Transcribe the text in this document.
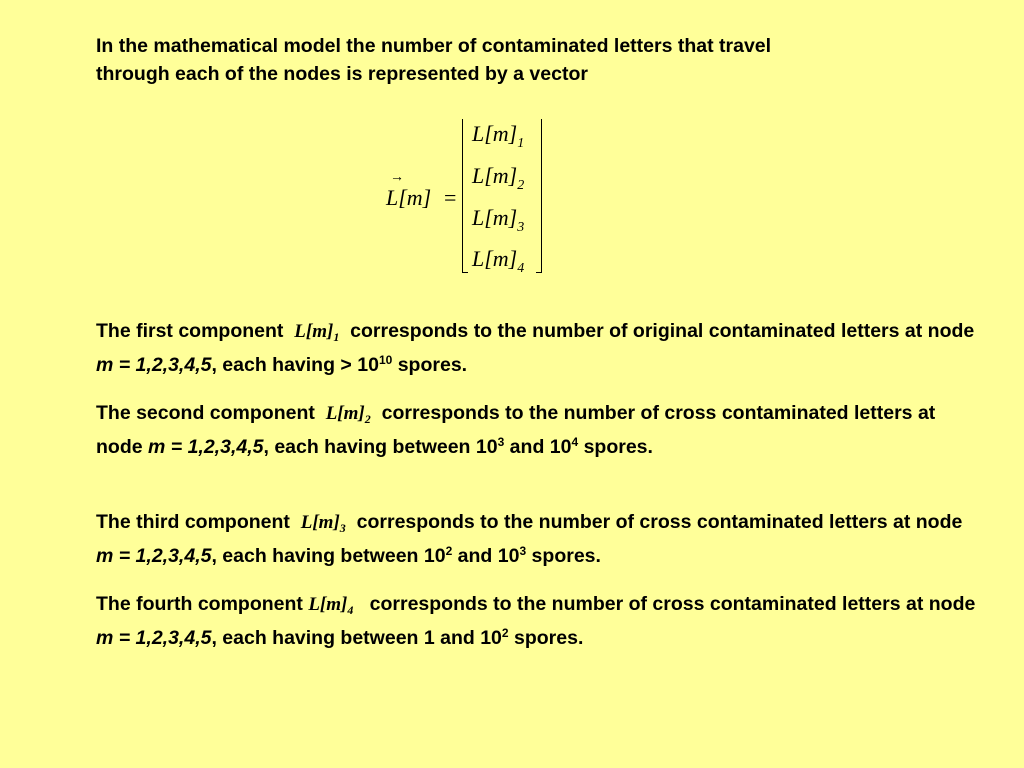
In the mathematical model the number of contaminated letters that travel
through each of the nodes is represented by a vector

→
L[m] =
$L[m]_1$
$L[m]_2$
$L[m]_3$
$L[m]_4$

The first component $L[m]_1$ corresponds to the number of original contaminated letters at node m = 1,2,3,4,5, each having > $10^{10}$ spores.

The second component $L[m]_2$ corresponds to the number of cross contaminated letters at node m = 1,2,3,4,5, each having between $10^3$ and $10^4$ spores.

The third component $L[m]_3$ corresponds to the number of cross contaminated letters at node m = 1,2,3,4,5, each having between $10^2$ and $10^3$ spores.

The fourth component $L[m]_4$ corresponds to the number of cross contaminated letters at node m = 1,2,3,4,5, each having between 1 and $10^2$ spores.
